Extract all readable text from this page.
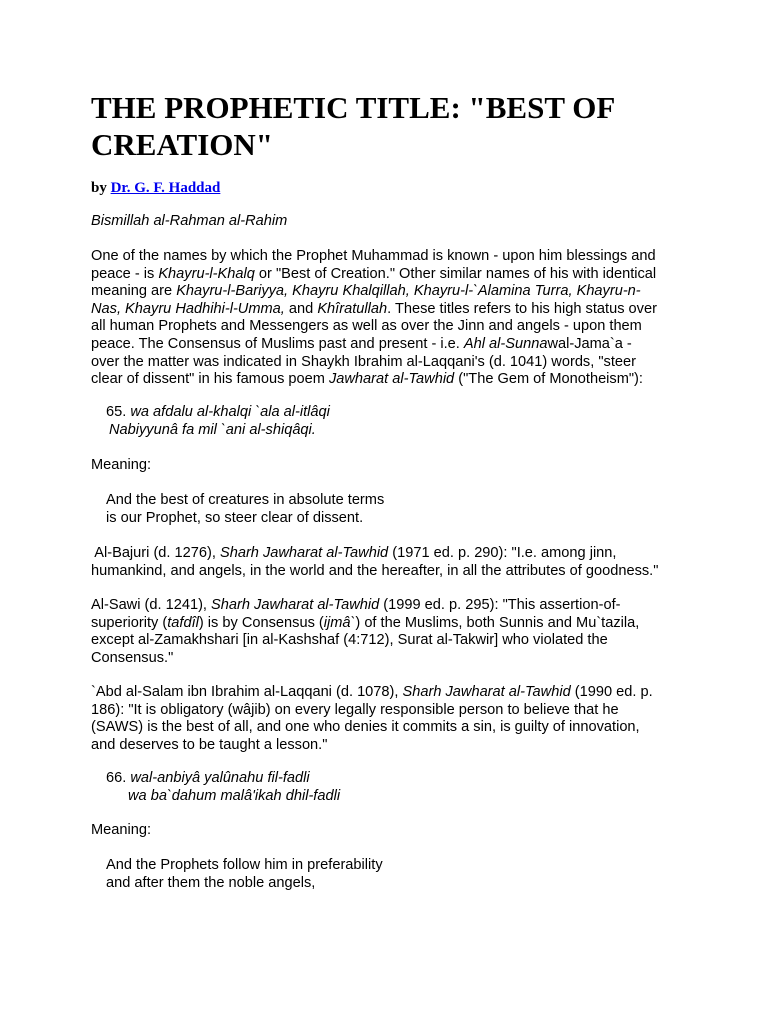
THE PROPHETIC TITLE: "BEST OF CREATION"
by Dr. G. F. Haddad
Bismillah al-Rahman al-Rahim
One of the names by which the Prophet Muhammad is known - upon him blessings and
peace - is Khayru-l-Khalq or "Best of Creation." Other similar names of his with identical
meaning are Khayru-l-Bariyya, Khayru Khalqillah, Khayru-l-`Alamina Turra, Khayru-n-
Nas, Khayru Hadhihi-l-Umma, and Khîratullah. These titles refers to his high status over
all human Prophets and Messengers as well as over the Jinn and angels - upon them
peace. The Consensus of Muslims past and present - i.e. Ahl al-Sunnawal-Jama`a -
over the matter was indicated in Shaykh Ibrahim al-Laqqani's (d. 1041) words, "steer
clear of dissent" in his famous poem Jawharat al-Tawhid ("The Gem of Monotheism"):
65. wa afdalu al-khalqi `ala al-itlâqi
Nabiyyunâ fa mil `ani al-shiqâqi.
Meaning:
And the best of creatures in absolute terms
is our Prophet, so steer clear of dissent.
Al-Bajuri (d. 1276), Sharh Jawharat al-Tawhid (1971 ed. p. 290): "I.e. among jinn,
humankind, and angels, in the world and the hereafter, in all the attributes of goodness."
Al-Sawi (d. 1241), Sharh Jawharat al-Tawhid (1999 ed. p. 295): "This assertion-of-
superiority (tafdîl) is by Consensus (ijmâ`) of the Muslims, both Sunnis and Mu`tazila,
except al-Zamakhshari [in al-Kashshaf (4:712), Surat al-Takwir] who violated the
Consensus."
`Abd al-Salam ibn Ibrahim al-Laqqani (d. 1078), Sharh Jawharat al-Tawhid (1990 ed. p.
186): "It is obligatory (wâjib) on every legally responsible person to believe that he
(SAWS) is the best of all, and one who denies it commits a sin, is guilty of innovation,
and deserves to be taught a lesson."
66. wal-anbiyâ yalûnahu fil-fadli
wa ba`dahum malâ'ikah dhil-fadli
Meaning:
And the Prophets follow him in preferability
and after them the noble angels,
